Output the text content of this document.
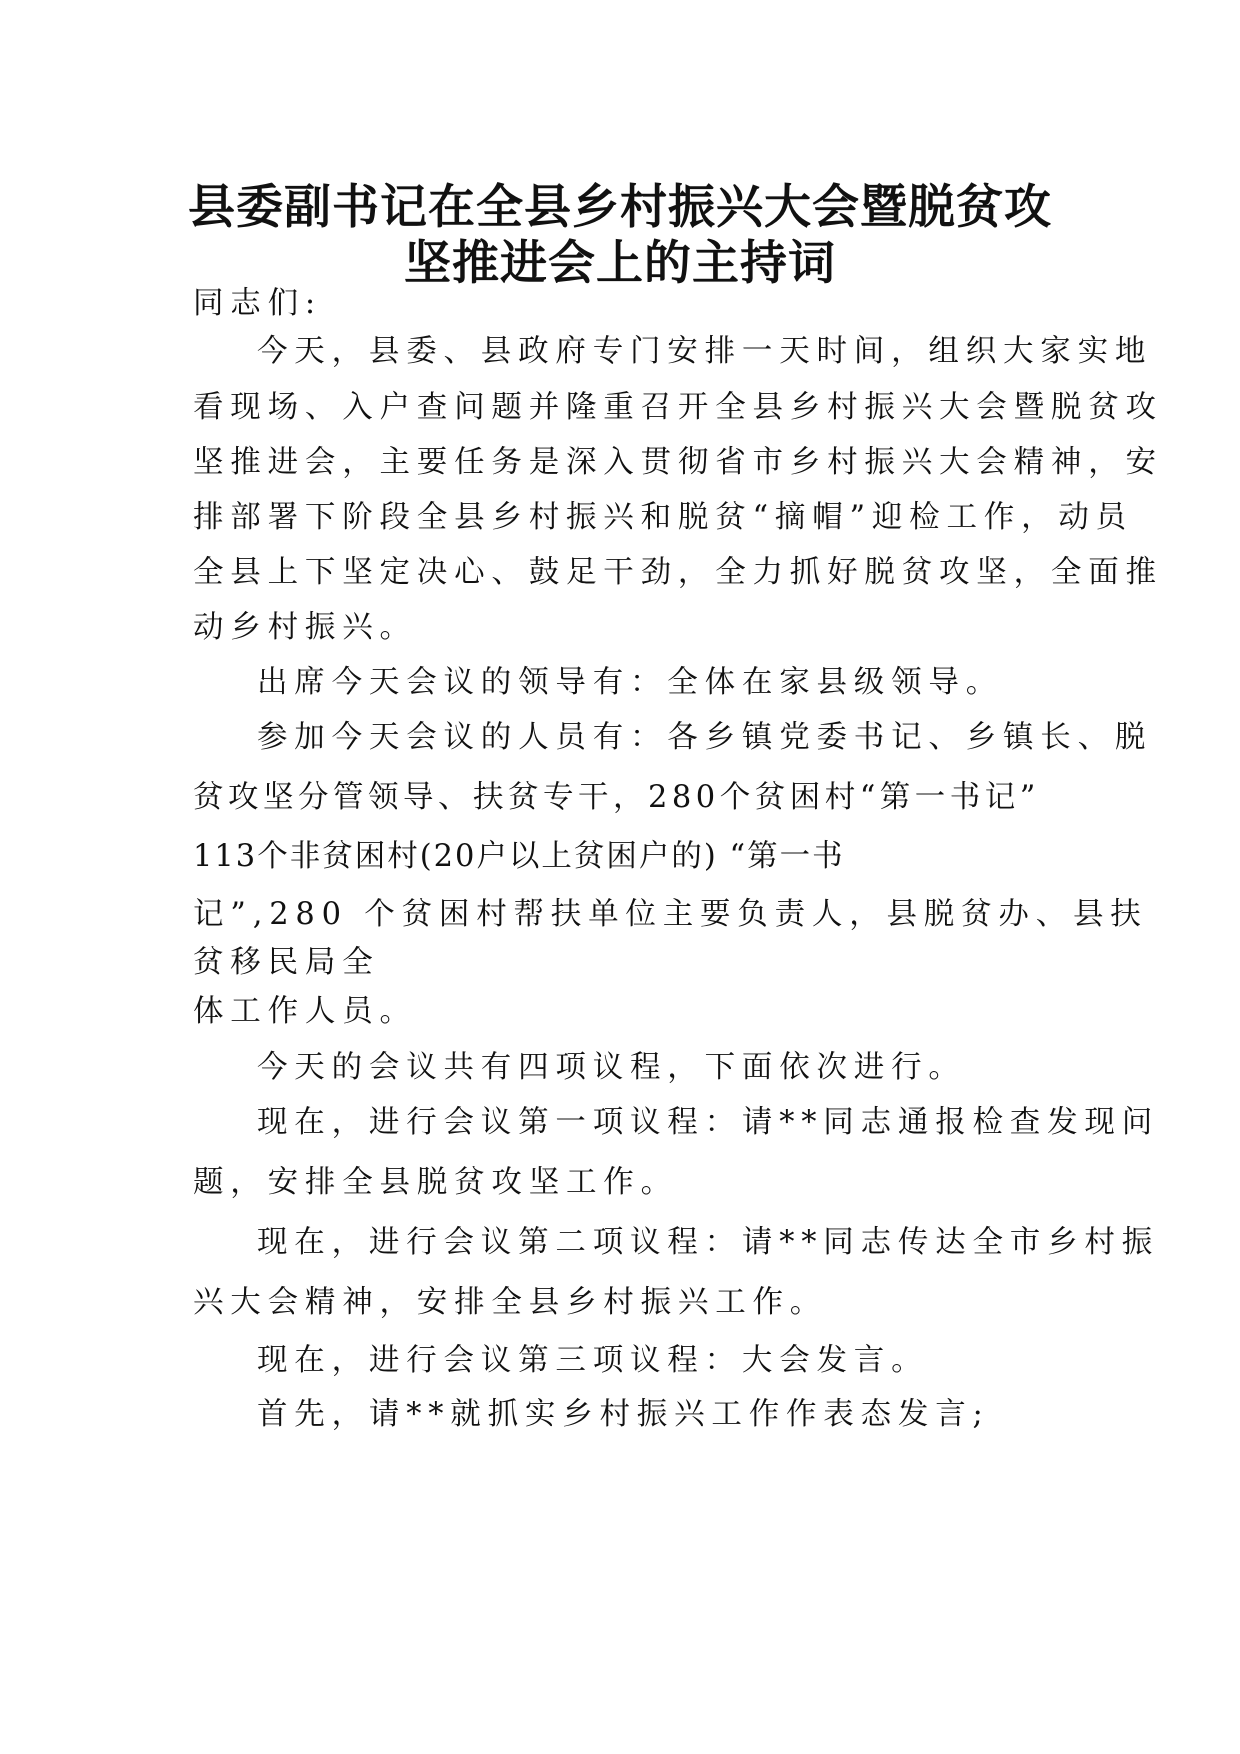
县委副书记在全县乡村振兴大会暨脱贫攻
坚推进会上的主持词
同志们:
今天，县委、县政府专门安排一天时间，组织大家实地
看现场、入户查问题并隆重召开全县乡村振兴大会暨脱贫攻
坚推进会，主要任务是深入贯彻省市乡村振兴大会精神，安
排部署下阶段全县乡村振兴和脱贫“摘帽”迎检工作，动员
全县上下坚定决心、鼓足干劲，全力抓好脱贫攻坚，全面推
动乡村振兴。
出席今天会议的领导有：全体在家县级领导。
参加今天会议的人员有：各乡镇党委书记、乡镇长、脱
贫攻坚分管领导、扶贫专干，280个贫困村“第一书记”
113个非贫困村(20户以上贫困户的) “第一书
记”,280 个贫困村帮扶单位主要负责人，县脱贫办、县扶
贫移民局全
体工作人员。
今天的会议共有四项议程，下面依次进行。
现在，进行会议第一项议程：请**同志通报检查发现问
题，安排全县脱贫攻坚工作。
现在，进行会议第二项议程：请**同志传达全市乡村振
兴大会精神，安排全县乡村振兴工作。
现在，进行会议第三项议程：大会发言。
首先，请**就抓实乡村振兴工作作表态发言;
